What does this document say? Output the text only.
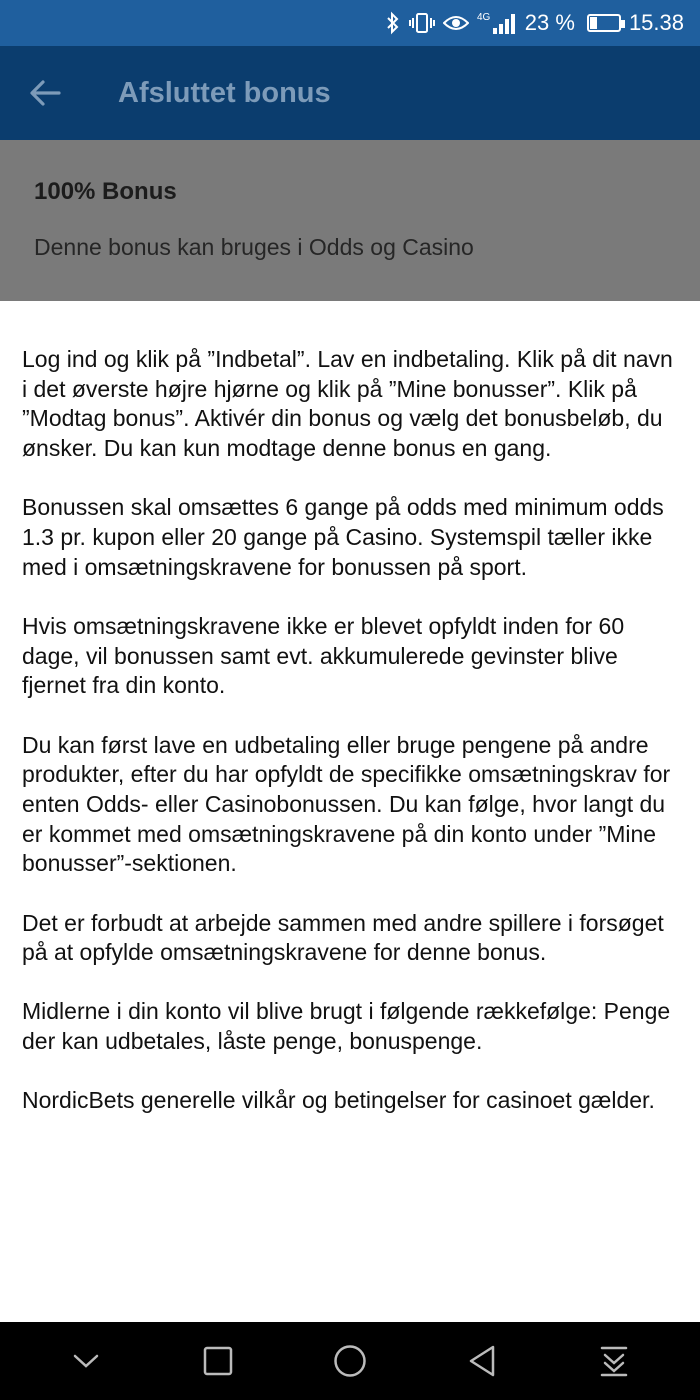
4G 23 % 15.38
Afsluttet bonus
100% Bonus
Denne bonus kan bruges i Odds og Casino

Log ind og klik på ”Indbetal”. Lav en indbetaling. Klik på dit navn i det øverste højre hjørne og klik på ”Mine bonusser”. Klik på ”Modtag bonus”. Aktivér din bonus og vælg det bonusbeløb, du ønsker. Du kan kun modtage denne bonus en gang.

Bonussen skal omsættes 6 gange på odds med minimum odds 1.3 pr. kupon eller 20 gange på Casino. Systemspil tæller ikke med i omsætningskravene for bonussen på sport.

Hvis omsætningskravene ikke er blevet opfyldt inden for 60 dage, vil bonussen samt evt. akkumulerede gevinster blive fjernet fra din konto.

Du kan først lave en udbetaling eller bruge pengene på andre produkter, efter du har opfyldt de specifikke omsætningskrav for enten Odds- eller Casinobonussen. Du kan følge, hvor langt du er kommet med omsætningskravene på din konto under ”Mine bonusser”-sektionen.

Det er forbudt at arbejde sammen med andre spillere i forsøget på at opfylde omsætningskravene for denne bonus.

Midlerne i din konto vil blive brugt i følgende rækkefølge: Penge der kan udbetales, låste penge, bonuspenge.

NordicBets generelle vilkår og betingelser for casinoet gælder.
